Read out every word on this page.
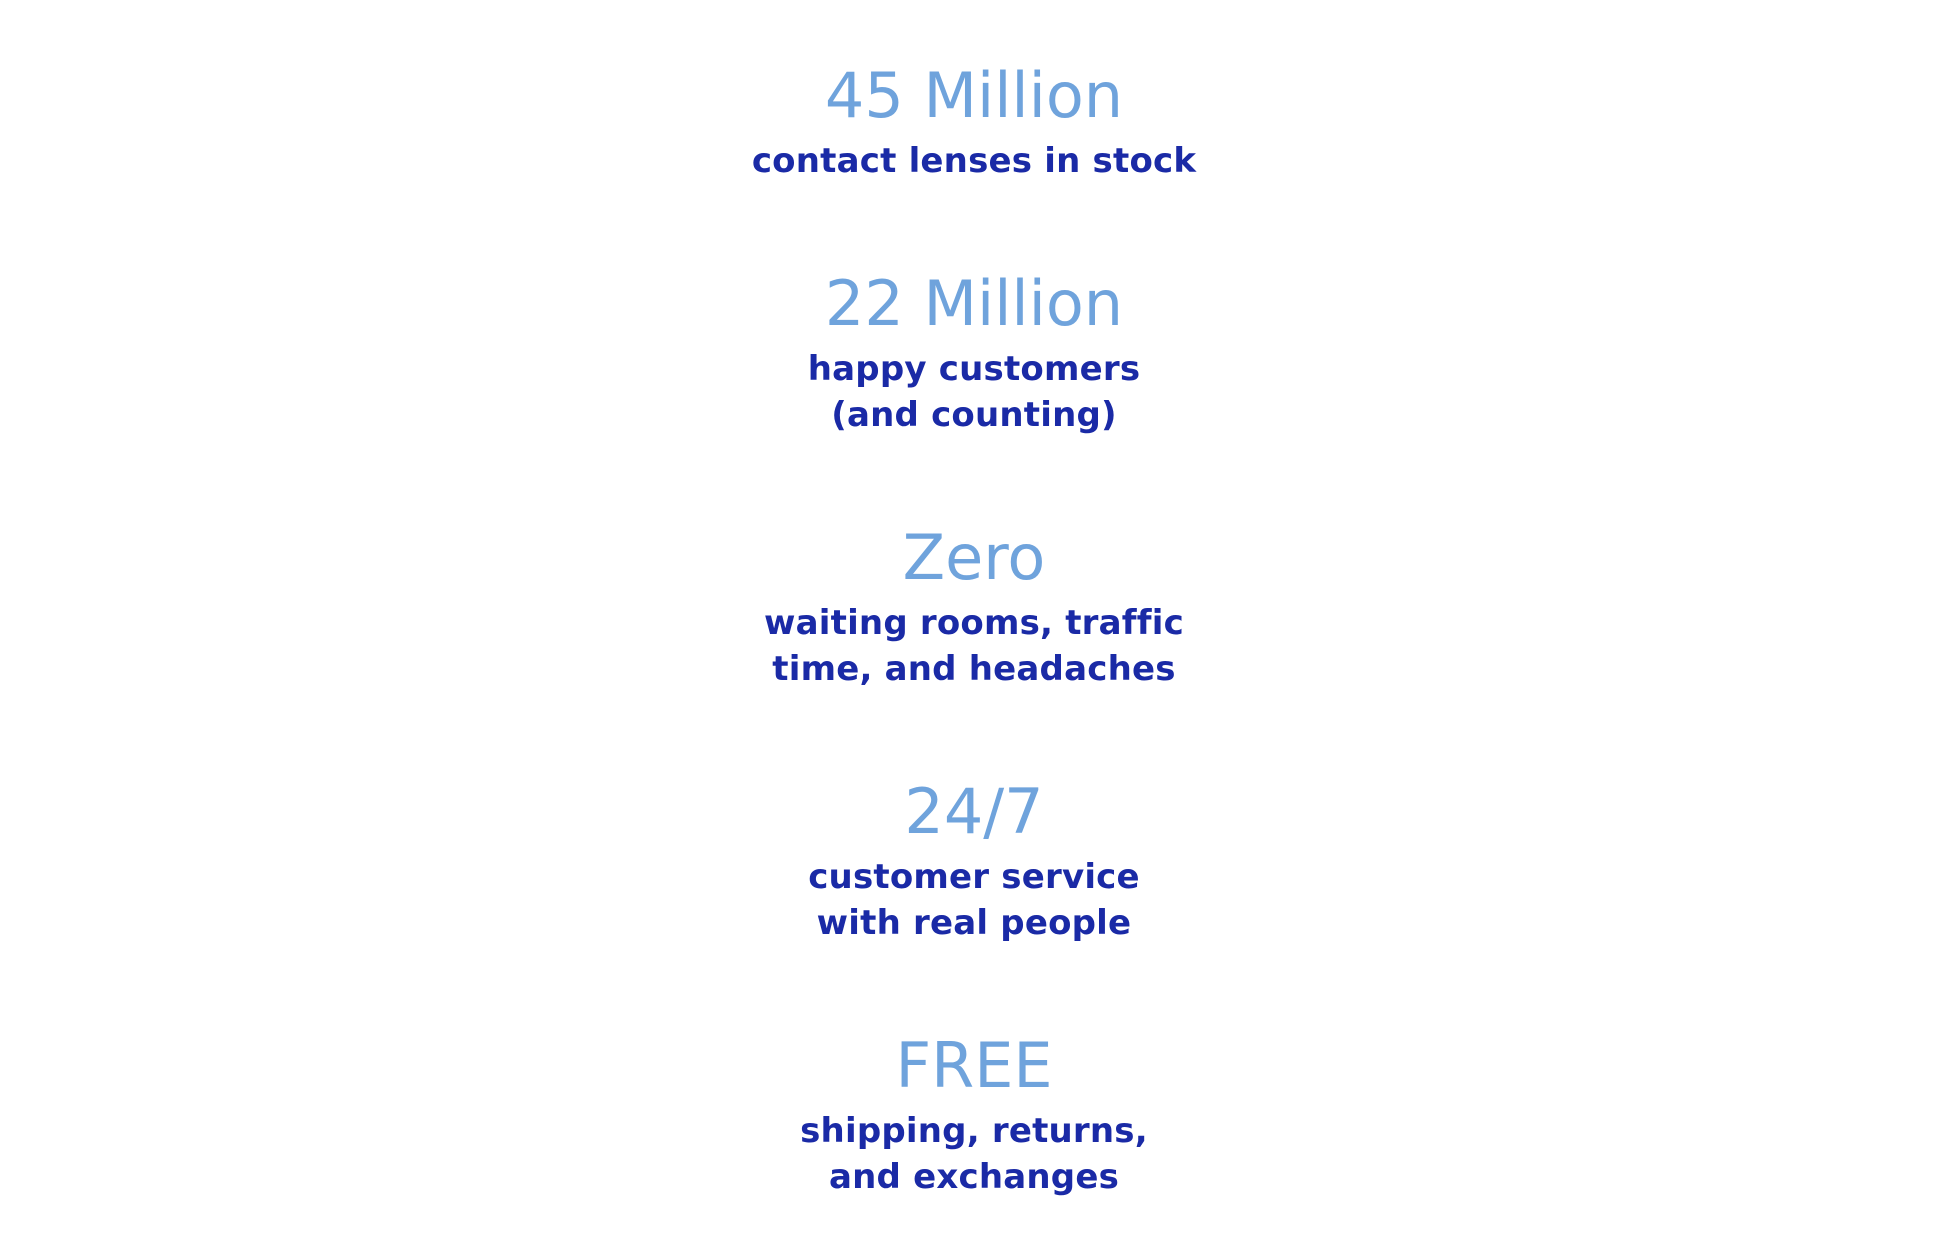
45 Million
contact lenses in stock
22 Million
happy customers
(and counting)
Zero
waiting rooms, traffic
time, and headaches
24/7
customer service
with real people
FREE
shipping, returns,
and exchanges
